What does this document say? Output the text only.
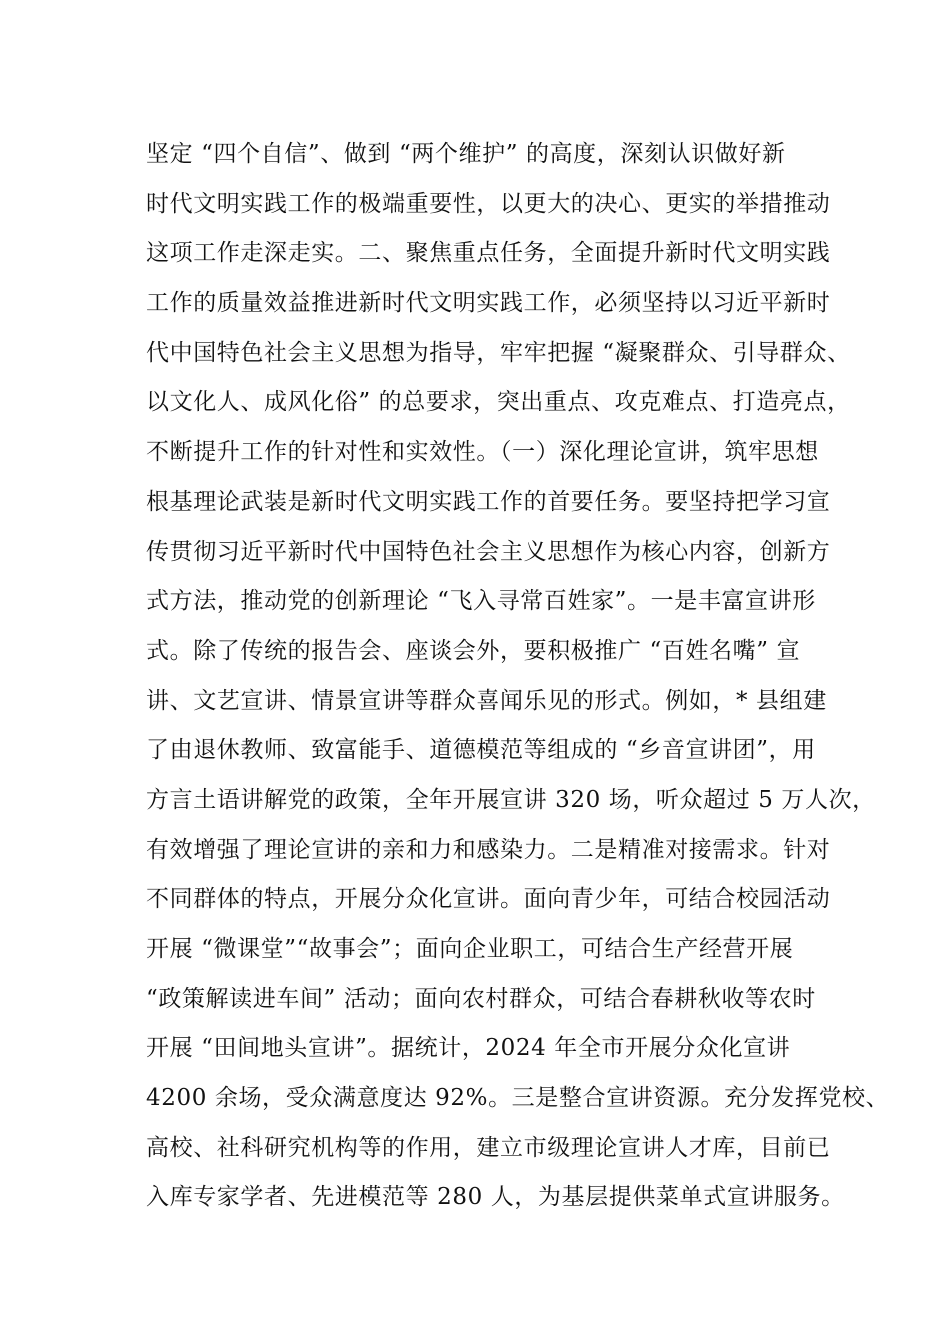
坚定 “四个自信”、做到 “两个维护” 的高度，深刻认识做好新
时代文明实践工作的极端重要性，以更大的决心、更实的举措推动
这项工作走深走实。二、聚焦重点任务，全面提升新时代文明实践
工作的质量效益推进新时代文明实践工作，必须坚持以习近平新时
代中国特色社会主义思想为指导，牢牢把握 “凝聚群众、引导群众、
以文化人、成风化俗” 的总要求，突出重点、攻克难点、打造亮点，
不断提升工作的针对性和实效性。（一）深化理论宣讲，筑牢思想
根基理论武装是新时代文明实践工作的首要任务。要坚持把学习宣
传贯彻习近平新时代中国特色社会主义思想作为核心内容，创新方
式方法，推动党的创新理论 “飞入寻常百姓家”。一是丰富宣讲形
式。除了传统的报告会、座谈会外，要积极推广 “百姓名嘴” 宣
讲、文艺宣讲、情景宣讲等群众喜闻乐见的形式。例如，* 县组建
了由退休教师、致富能手、道德模范等组成的 “乡音宣讲团”，用
方言土语讲解党的政策，全年开展宣讲 320 场，听众超过 5 万人次，
有效增强了理论宣讲的亲和力和感染力。二是精准对接需求。针对
不同群体的特点，开展分众化宣讲。面向青少年，可结合校园活动
开展 “微课堂”“故事会”；面向企业职工，可结合生产经营开展
“政策解读进车间” 活动；面向农村群众，可结合春耕秋收等农时
开展 “田间地头宣讲”。据统计，2024 年全市开展分众化宣讲
4200 余场，受众满意度达 92%。三是整合宣讲资源。充分发挥党校、
高校、社科研究机构等的作用，建立市级理论宣讲人才库，目前已
入库专家学者、先进模范等 280 人，为基层提供菜单式宣讲服务。
